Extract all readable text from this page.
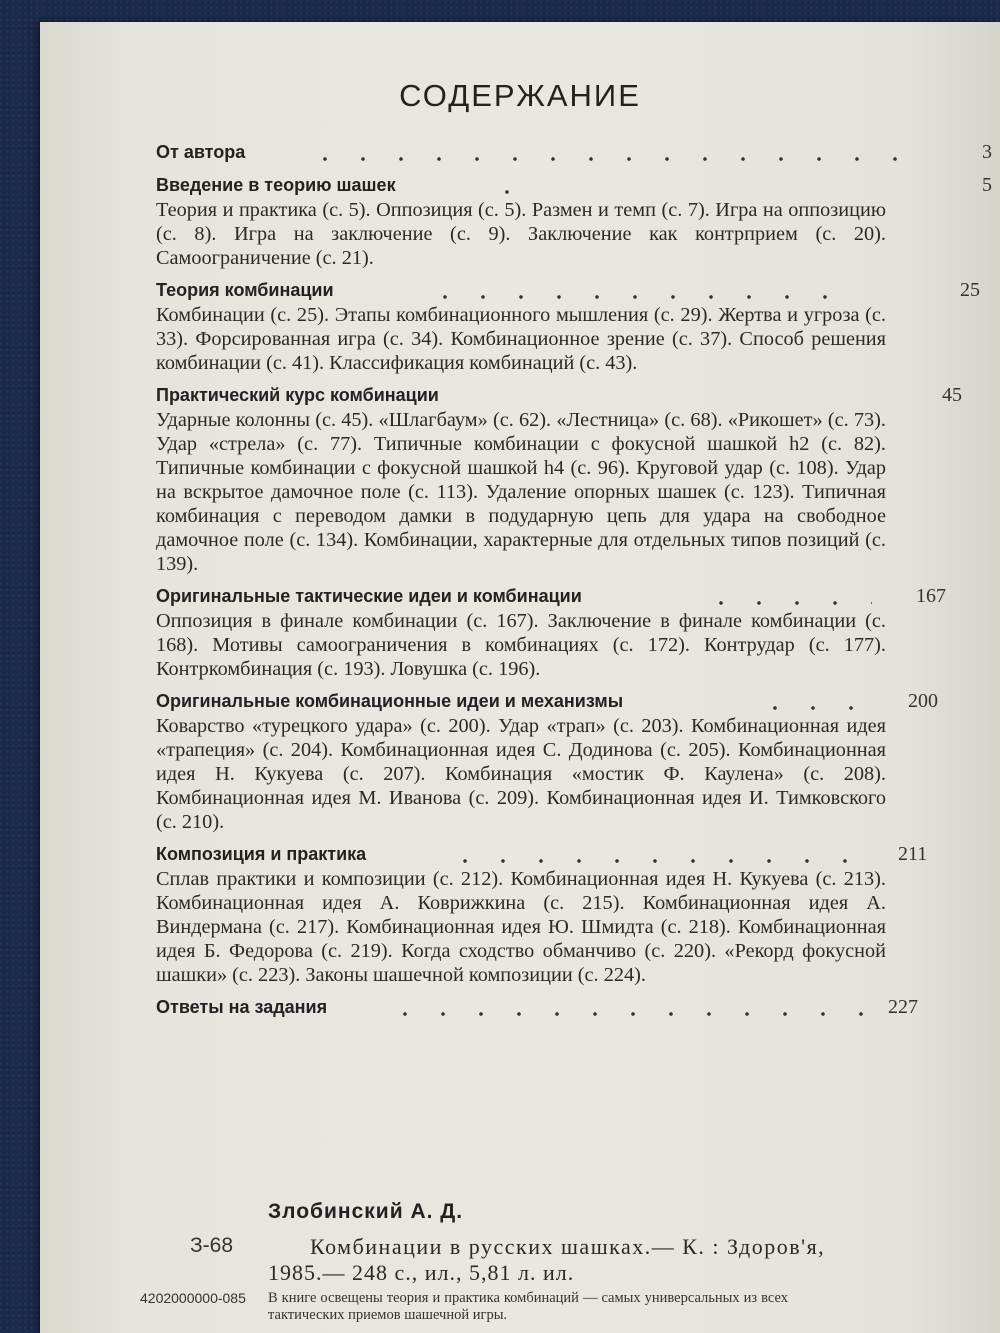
СОДЕРЖАНИЕ
От автора	3
Введение в теорию шашек	5
Теория и практика (с. 5). Оппозиция (с. 5). Размен и темп (с. 7). Игра на оппозицию (с. 8). Игра на заключение (с. 9). Заключение как контрприем (с. 20). Самоограничение (с. 21).
Теория комбинации	25
Комбинации (с. 25). Этапы комбинационного мышления (с. 29). Жертва и угроза (с. 33). Форсированная игра (с. 34). Комбинационное зрение (с. 37). Способ решения комбинации (с. 41). Классификация комбинаций (с. 43).
Практический курс комбинации	45
Ударные колонны (с. 45). «Шлагбаум» (с. 62). «Лестница» (с. 68). «Рикошет» (с. 73). Удар «стрела» (с. 77). Типичные комбинации с фокусной шашкой h2 (с. 82). Типичные комбинации с фокусной шашкой h4 (с. 96). Круговой удар (с. 108). Удар на вскрытое дамочное поле (с. 113). Удаление опорных шашек (с. 123). Типичная комбинация с переводом дамки в подударную цепь для удара на свободное дамочное поле (с. 134). Комбинации, характерные для отдельных типов позиций (с. 139).
Оригинальные тактические идеи и комбинации	167
Оппозиция в финале комбинации (с. 167). Заключение в финале комбинации (с. 168). Мотивы самоограничения в комбинациях (с. 172). Контрудар (с. 177). Контркомбинация (с. 193). Ловушка (с. 196).
Оригинальные комбинационные идеи и механизмы	200
Коварство «турецкого удара» (с. 200). Удар «трап» (с. 203). Комбинационная идея «трапеция» (с. 204). Комбинационная идея С. Додинова (с. 205). Комбинационная идея Н. Кукуева (с. 207). Комбинация «мостик Ф. Каулена» (с. 208). Комбинационная идея М. Иванова (с. 209). Комбинационная идея И. Тимковского (с. 210).
Композиция и практика	211
Сплав практики и композиции (с. 212). Комбинационная идея Н. Кукуева (с. 213). Комбинационная идея А. Коврижкина (с. 215). Комбинационная идея А. Виндермана (с. 217). Комбинационная идея Ю. Шмидта (с. 218). Комбинационная идея Б. Федорова (с. 219). Когда сходство обманчиво (с. 220). «Рекорд фокусной шашки» (с. 223). Законы шашечной композиции (с. 224).
Ответы на задания	227
Злобинский А. Д.
З-68	Комбинации в русских шашках.— К. : Здоров'я,
1985.— 248 с., ил., 5,81 л. ил.
В книге освещены теория и практика комбинаций — самых универсальных из всех тактических приемов шашечной игры.
4202000000-085
